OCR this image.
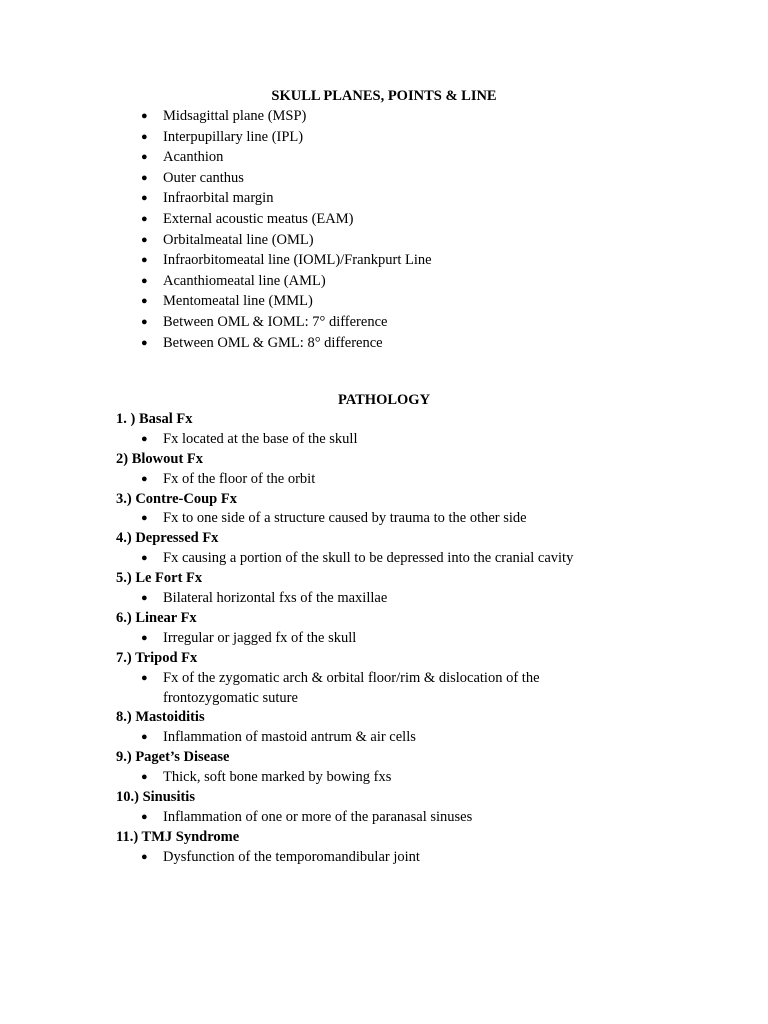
SKULL PLANES, POINTS & LINE
● Midsagittal plane (MSP)
● Interpupillary line (IPL)
● Acanthion
● Outer canthus
● Infraorbital margin
● External acoustic meatus (EAM)
● Orbitalmeatal line (OML)
● Infraorbitomeatal line (IOML)/Frankpurt Line
● Acanthiomeatal line (AML)
● Mentomeatal line (MML)
● Between OML & IOML: 7° difference
● Between OML & GML: 8° difference
PATHOLOGY
1. ) Basal Fx
● Fx located at the base of the skull
2) Blowout Fx
● Fx of the floor of the orbit
3.) Contre-Coup Fx
● Fx to one side of a structure caused by trauma to the other side
4.) Depressed Fx
● Fx causing a portion of the skull to be depressed into the cranial cavity
5.) Le Fort Fx
● Bilateral horizontal fxs of the maxillae
6.) Linear Fx
● Irregular or jagged fx of the skull
7.) Tripod Fx
● Fx of the zygomatic arch & orbital floor/rim & dislocation of the frontozygomatic suture
8.) Mastoiditis
● Inflammation of mastoid antrum & air cells
9.) Paget’s Disease
● Thick, soft bone marked by bowing fxs
10.) Sinusitis
● Inflammation of one or more of the paranasal sinuses
11.) TMJ Syndrome
● Dysfunction of the temporomandibular joint
